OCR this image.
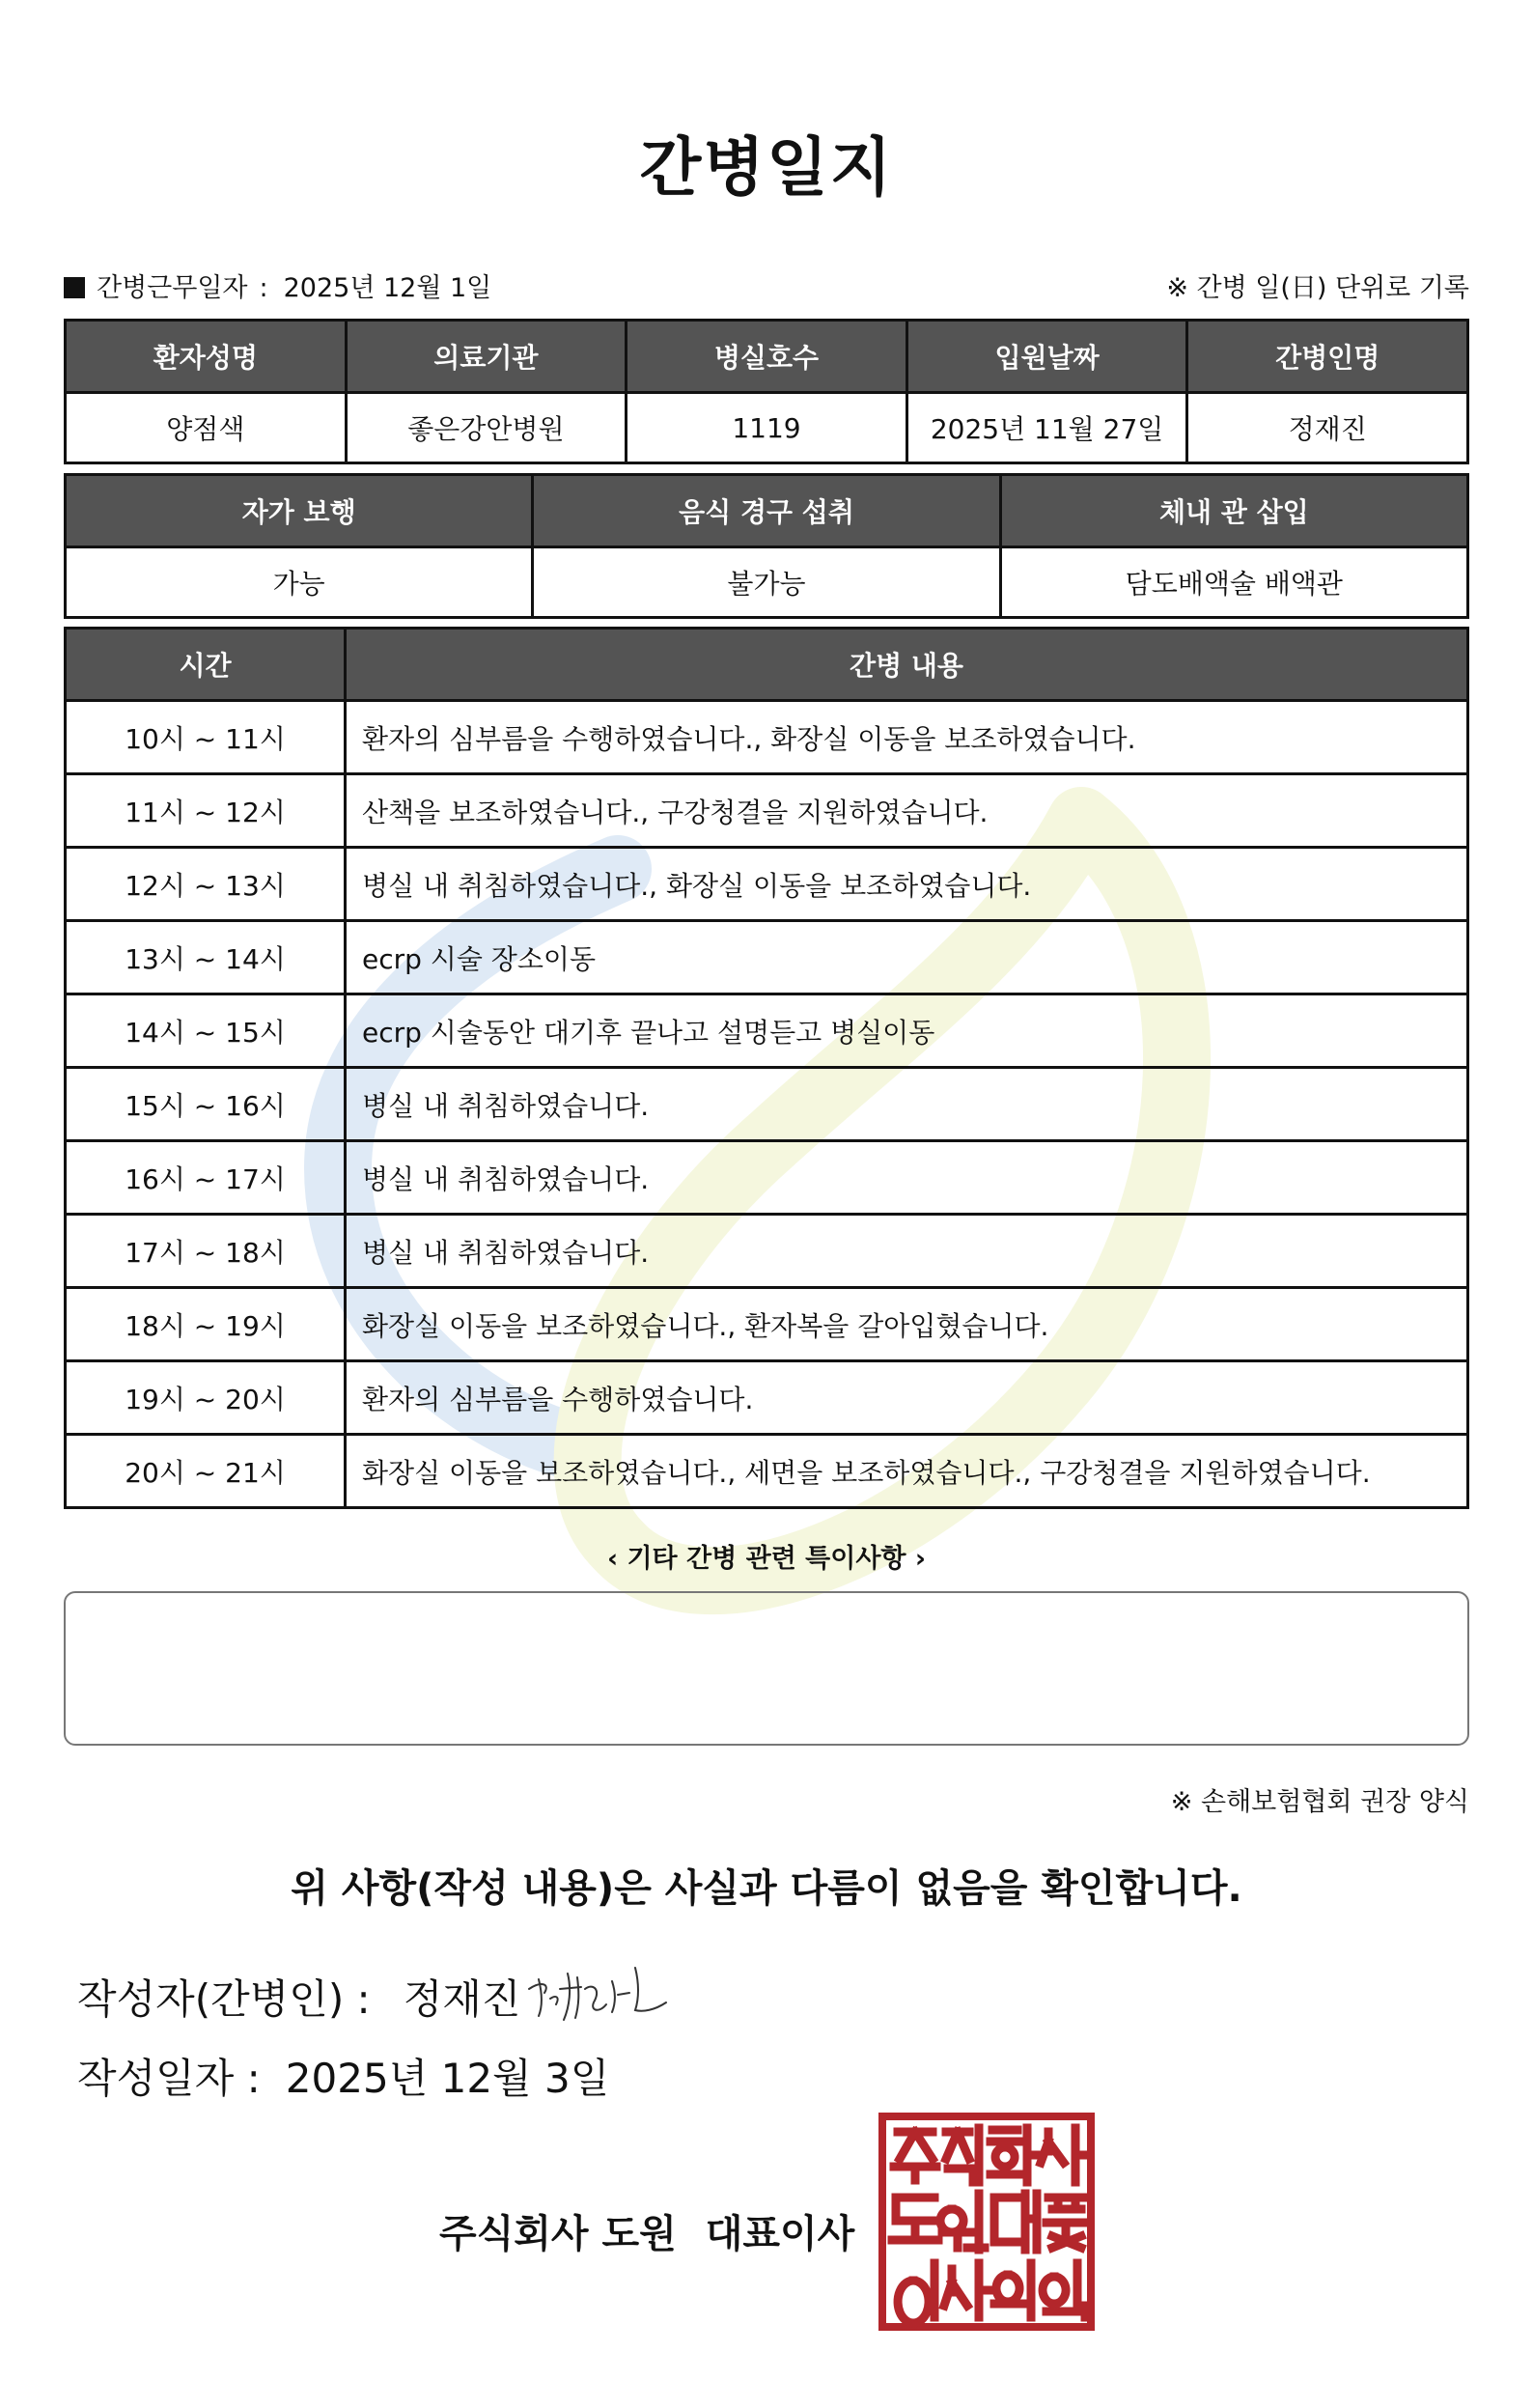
간병일지
간병근무일자 : 2025년 12월 1일	※ 간병 일(日) 단위로 기록
환자성명	의료기관	병실호수	입원날짜	간병인명
양점색	좋은강안병원	1119	2025년 11월 27일	정재진
자가 보행	음식 경구 섭취	체내 관 삽입
가능	불가능	담도배액술 배액관
시간	간병 내용
10시 ~ 11시	환자의 심부름을 수행하였습니다., 화장실 이동을 보조하였습니다.
11시 ~ 12시	산책을 보조하였습니다., 구강청결을 지원하였습니다.
12시 ~ 13시	병실 내 취침하였습니다., 화장실 이동을 보조하였습니다.
13시 ~ 14시	ecrp 시술 장소이동
14시 ~ 15시	ecrp 시술동안 대기후 끝나고 설명듣고 병실이동
15시 ~ 16시	병실 내 취침하였습니다.
16시 ~ 17시	병실 내 취침하였습니다.
17시 ~ 18시	병실 내 취침하였습니다.
18시 ~ 19시	화장실 이동을 보조하였습니다., 환자복을 갈아입혔습니다.
19시 ~ 20시	환자의 심부름을 수행하였습니다.
20시 ~ 21시	화장실 이동을 보조하였습니다., 세면을 보조하였습니다., 구강청결을 지원하였습니다.
‹ 기타 간병 관련 특이사항 ›
※ 손해보험협회 권장 양식
위 사항(작성 내용)은 사실과 다름이 없음을 확인합니다.
작성자(간병인) : 정재진
작성일자 : 2025년 12월 3일
주식회사 도원 대표이사
